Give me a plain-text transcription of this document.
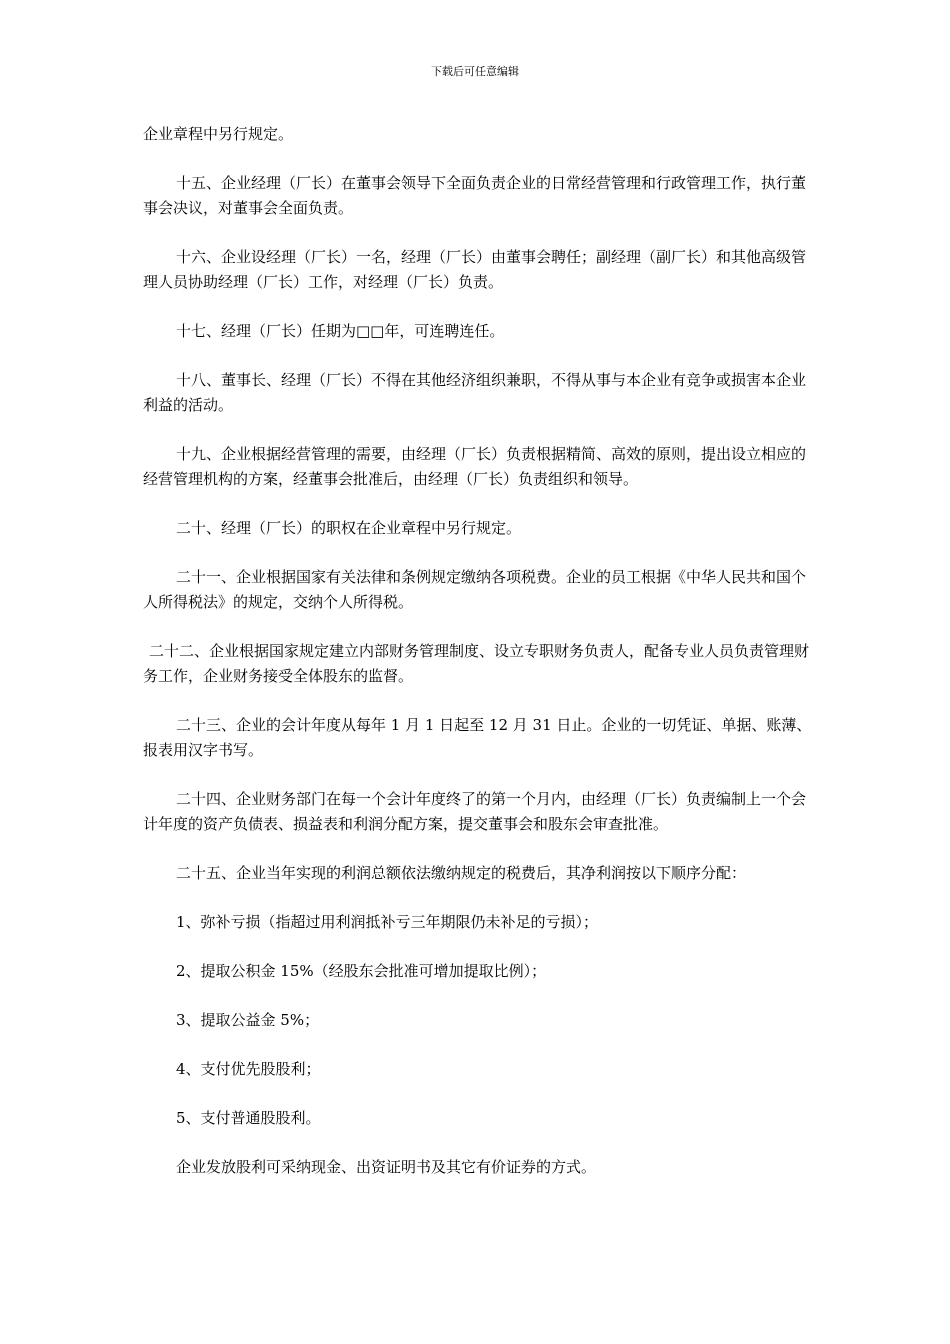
下载后可任意编辑

企业章程中另行规定。

十五、企业经理（厂长）在董事会领导下全面负责企业的日常经营管理和行政管理工作，执行董事会决议，对董事会全面负责。

十六、企业设经理（厂长）一名，经理（厂长）由董事会聘任；副经理（副厂长）和其他高级管理人员协助经理（厂长）工作，对经理（厂长）负责。

十七、经理（厂长）任期为□□年，可连聘连任。

十八、董事长、经理（厂长）不得在其他经济组织兼职，不得从事与本企业有竞争或损害本企业利益的活动。

十九、企业根据经营管理的需要，由经理（厂长）负责根据精简、高效的原则，提出设立相应的经营管理机构的方案，经董事会批准后，由经理（厂长）负责组织和领导。

二十、经理（厂长）的职权在企业章程中另行规定。

二十一、企业根据国家有关法律和条例规定缴纳各项税费。企业的员工根据《中华人民共和国个人所得税法》的规定，交纳个人所得税。

二十二、企业根据国家规定建立内部财务管理制度、设立专职财务负责人，配备专业人员负责管理财务工作，企业财务接受全体股东的监督。

二十三、企业的会计年度从每年 1 月 1 日起至 12 月 31 日止。企业的一切凭证、单据、账薄、报表用汉字书写。

二十四、企业财务部门在每一个会计年度终了的第一个月内，由经理（厂长）负责编制上一个会计年度的资产负债表、损益表和利润分配方案，提交董事会和股东会审查批准。

二十五、企业当年实现的利润总额依法缴纳规定的税费后，其净利润按以下顺序分配：

1、弥补亏损（指超过用利润抵补亏三年期限仍未补足的亏损）；

2、提取公积金 15%（经股东会批准可增加提取比例）；

3、提取公益金 5%；

4、支付优先股股利；

5、支付普通股股利。

企业发放股利可采纳现金、出资证明书及其它有价证券的方式。
